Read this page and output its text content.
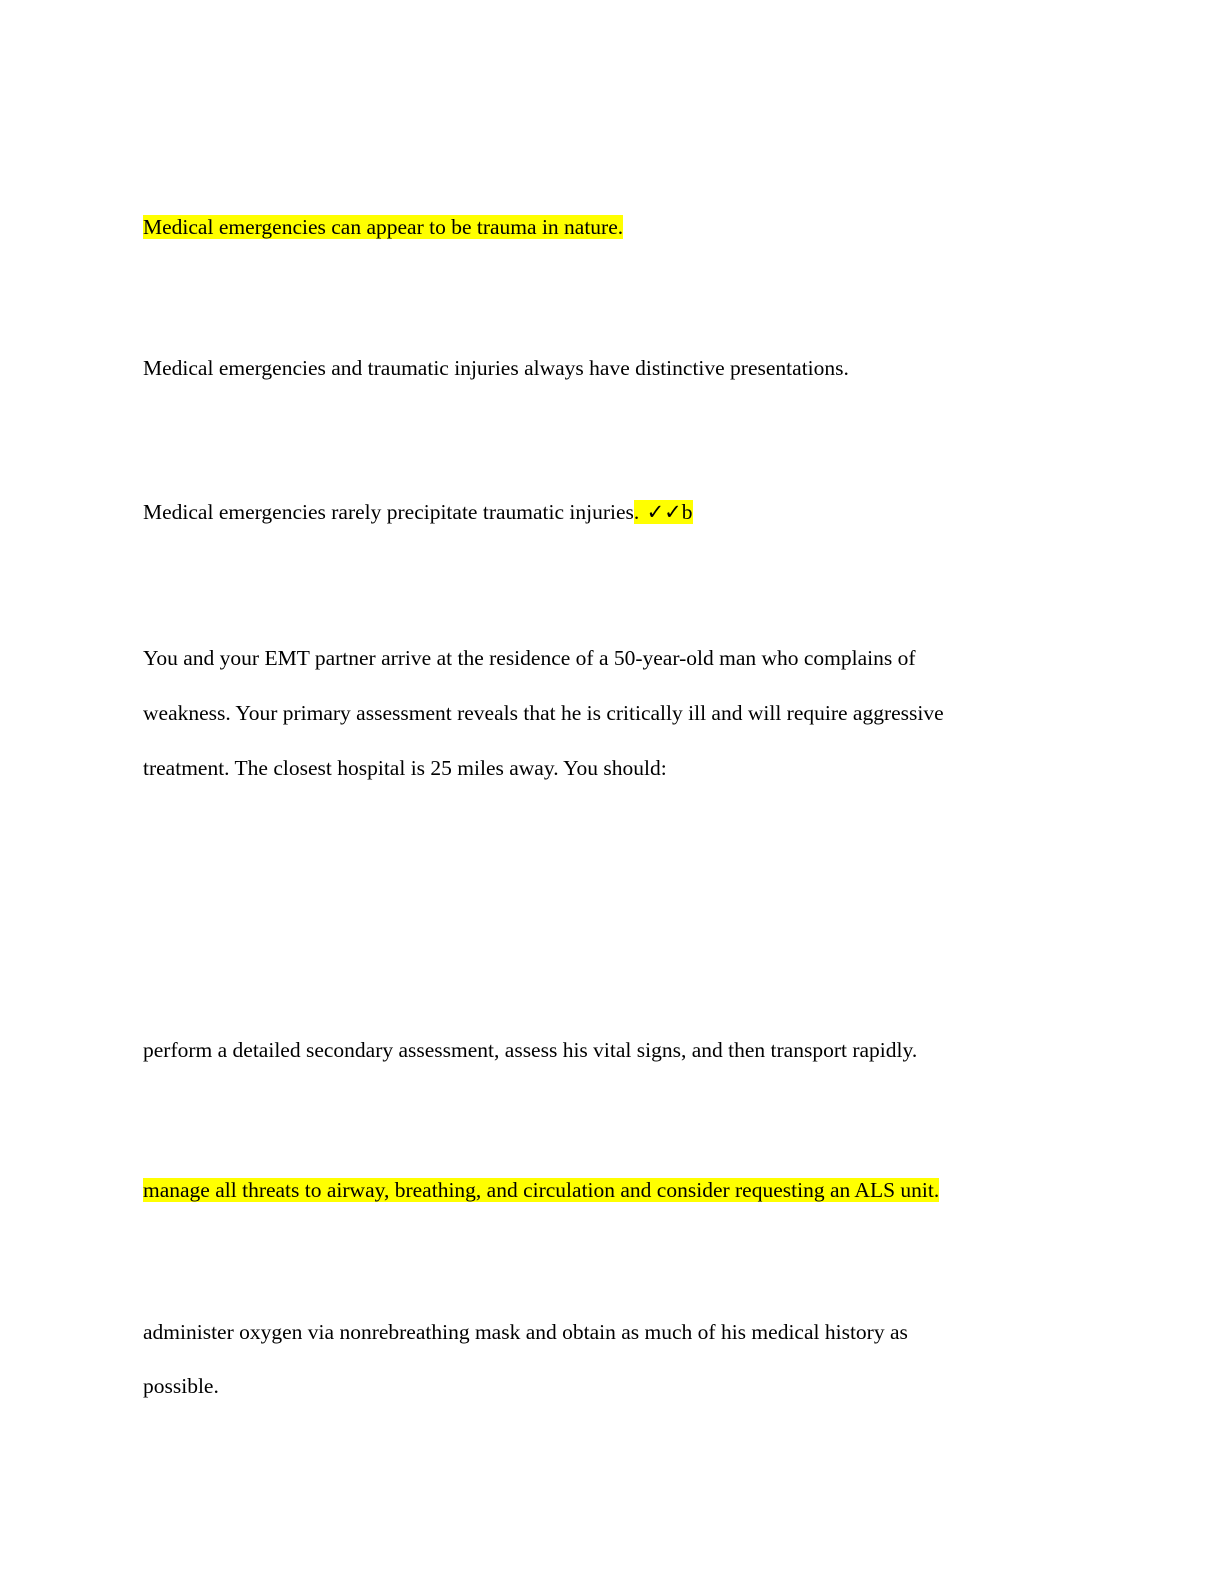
Medical emergencies can appear to be trauma in nature.

Medical emergencies and traumatic injuries always have distinctive presentations.

Medical emergencies rarely precipitate traumatic injuries. ✓✓b

You and your EMT partner arrive at the residence of a 50-year-old man who complains of

weakness. Your primary assessment reveals that he is critically ill and will require aggressive

treatment. The closest hospital is 25 miles away. You should:

perform a detailed secondary assessment, assess his vital signs, and then transport rapidly.

manage all threats to airway, breathing, and circulation and consider requesting an ALS unit.

administer oxygen via nonrebreathing mask and obtain as much of his medical history as

possible.
